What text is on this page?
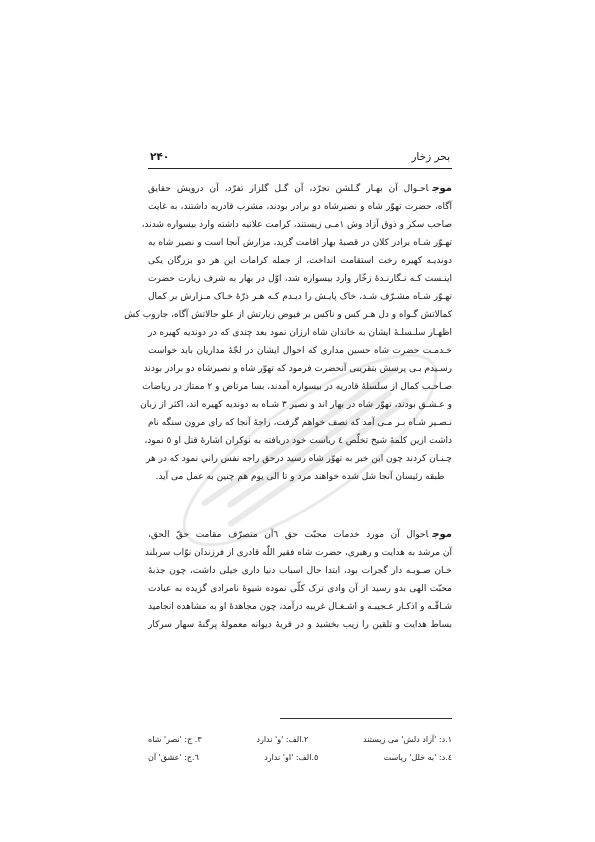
۲۴۰	بحر زخار
موجاحـوال آن بهـار گـلشن تجرّد، آن گـل گلزار تفرّد، آن درویش حقایق
آگاه، حضرت تهوّر شاه و نصیرشاه دو برادر بودند، مشرب قادریه داشتند، به غایت
صاحب سکر و ذوق آزاد وش ١مـی زیستند، کرامت علانیه داشته وارد بیسواره شدند،
تهـوّر شـاه برادر کلان در قصبهٔ بهار اقامت گزید، مزارش آنجا است و نصیر شاه به
دونديـه کهيره رخت استقامت انداخت، از جمله کرامات این هر دو بزرگان یکی
اینـست کـه نـگارنـدهٔ زخّار وارد بیسواره شد، اوّل در بهار به شرف زیارت حضرت
تهـوّر شـاه مشـرّف شـد، خاک پایـش را دیـدم کـه هـر ذرّهٔ خـاک مـزارش بر کمال
کمالاتش گـواه و دل هـر کس و ناکس بر فیوض زیارتش از علو حالاتش آگاه، جاروب کش
اظهـار سلـسلـهٔ ایشان به خاندان شاه ارزان نمود بعد چندی که در دونديه کهيره در
خـدمـت حضرت شاه حسین مداری که احوال ایشان در لجّهٔ مداریان باید خواست
رسـیدم بـی پرسش بتقریبی آنحضرت فرمود که تهوّر شاه و نصیرشاه دو برادر بودند
صـاحـب کمال از سلسلهٔ قادریه در بیسواره آمدند، بسا مرتاض و ٢ ممتاز در ریاضات
و عـشـق بودند، تهوّر شاه در بهار اند و نصیر ٣ شـاه به دونديه کهيره اند، اکثر از زبان
نـصـیر شـاه بـر مـی آمد که نصف خواهم گرفت، راجهٔ آنجا که رای مرون سنگه نام
داشت ازین کلمهٔ شیخ تخلّص ٤ ریاست خود دریافته به نوکران اشارهٔ قتل او ٥ نمود،
چـنـان کردند چون این خبر به تهوّر شاه رسید درحق راجه نفس راني نمود که در هر
طبقه رئیسان آنجا شل شده خواهند مرد و تا الی یوم هم چنین به عمل می آید.
موجاحوال آن مورد خدمات محبّت حق ٦آن متصرّف مقامت حقّ الحق،
آن مرشد به هدایت و رهبری، حضرت شاه فقیر اللّٰه قادری از فرزندان نوّاب سربلند
خـان صـوبـه دار گجرات بود، ابتدا حال اسباب دنیا داری خیلی داشت، چون جذبهٔ
محبّت الهی بدو رسید از آن وادی ترک کلّی نموده شیوهٔ نامرادی گزیده به عبادت
شـاقّـه و اذکـار عـجیبـه و اشـغـال غریبه درآمد، چون مجاهدهٔ او به مشاهده انجامید
بساط هدایت و تلقین را زیب بخشید و در قریهٔ دیوانه معمولهٔ پرگنهٔ سهار سرکار
١.د: 'آزاد دلش' می زیستند
٢.الف: 'و' ندارد
٣. ج: 'نصر' شاه
٤.د: 'به خلل' ریاست
٥.الف: 'او' ندارد
٦.ج: 'عشق' آن
